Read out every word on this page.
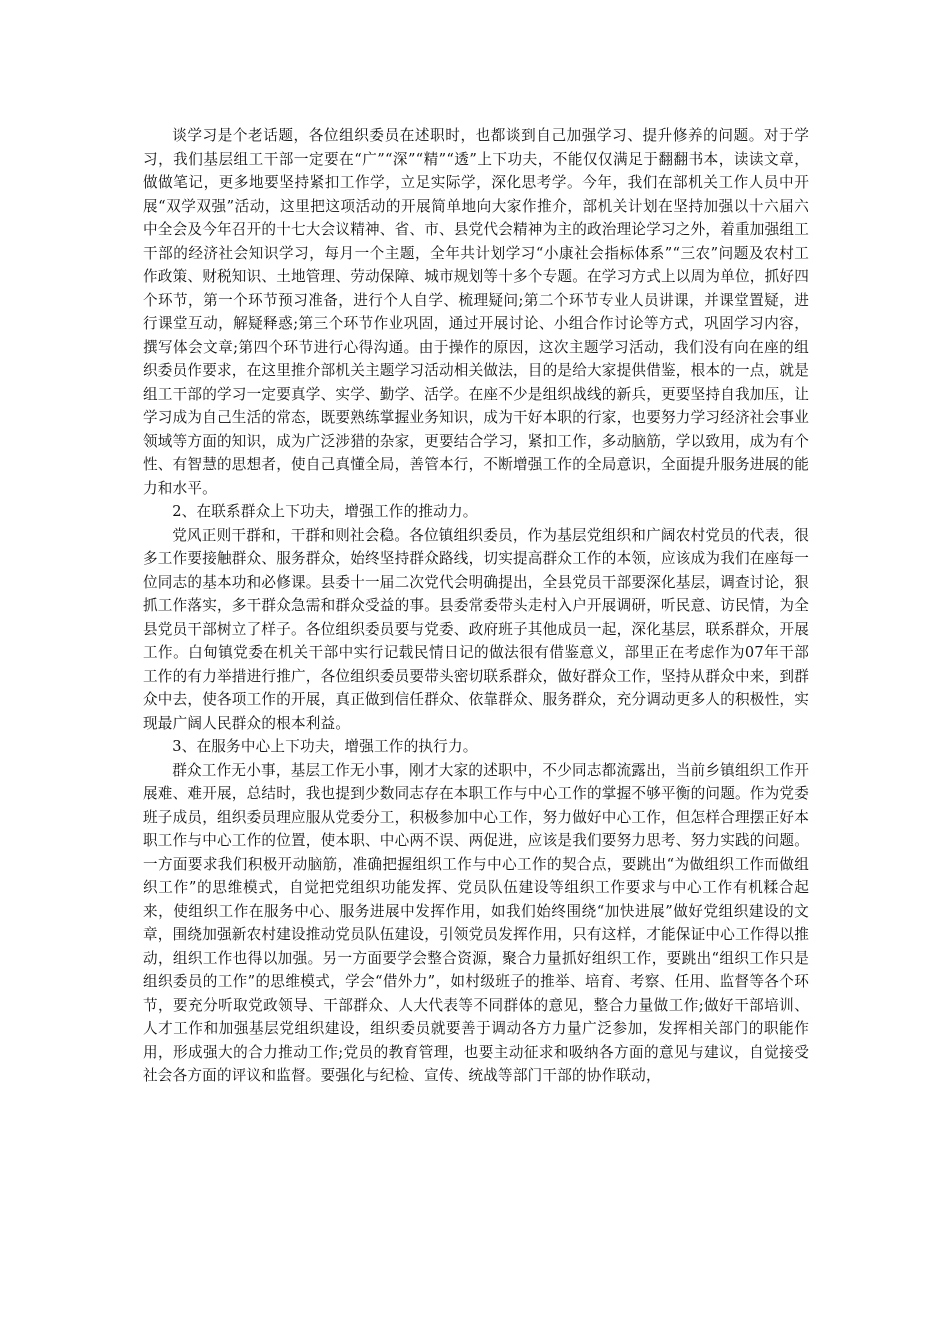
谈学习是个老话题，各位组织委员在述职时，也都谈到自己加强学习、提升修养的问题。对于学习，我们基层组工干部一定要在“广”“深”“精”“透”上下功夫，不能仅仅满足于翻翻书本，读读文章，做做笔记，更多地要坚持紧扣工作学，立足实际学，深化思考学。今年，我们在部机关工作人员中开展“双学双强”活动，这里把这项活动的开展简单地向大家作推介，部机关计划在坚持加强以十六届六中全会及今年召开的十七大会议精神、省、市、县党代会精神为主的政治理论学习之外，着重加强组工干部的经济社会知识学习，每月一个主题，全年共计划学习“小康社会指标体系”“三农”问题及农村工作政策、财税知识、土地管理、劳动保障、城市规划等十多个专题。在学习方式上以周为单位，抓好四个环节，第一个环节预习准备，进行个人自学、梳理疑问;第二个环节专业人员讲课，并课堂置疑，进行课堂互动，解疑释惑;第三个环节作业巩固，通过开展讨论、小组合作讨论等方式，巩固学习内容，撰写体会文章;第四个环节进行心得沟通。由于操作的原因，这次主题学习活动，我们没有向在座的组织委员作要求，在这里推介部机关主题学习活动相关做法，目的是给大家提供借鉴，根本的一点，就是组工干部的学习一定要真学、实学、勤学、活学。在座不少是组织战线的新兵，更要坚持自我加压，让学习成为自己生活的常态，既要熟练掌握业务知识，成为干好本职的行家，也要努力学习经济社会事业领域等方面的知识，成为广泛涉猎的杂家，更要结合学习，紧扣工作，多动脑筋，学以致用，成为有个性、有智慧的思想者，使自己真懂全局，善管本行，不断增强工作的全局意识，全面提升服务进展的能力和水平。

2、在联系群众上下功夫，增强工作的推动力。

党风正则干群和，干群和则社会稳。各位镇组织委员，作为基层党组织和广阔农村党员的代表，很多工作要接触群众、服务群众，始终坚持群众路线，切实提高群众工作的本领，应该成为我们在座每一位同志的基本功和必修课。县委十一届二次党代会明确提出，全县党员干部要深化基层，调查讨论，狠抓工作落实，多干群众急需和群众受益的事。县委常委带头走村入户开展调研，听民意、访民情，为全县党员干部树立了样子。各位组织委员要与党委、政府班子其他成员一起，深化基层，联系群众，开展工作。白甸镇党委在机关干部中实行记载民情日记的做法很有借鉴意义，部里正在考虑作为07年干部工作的有力举措进行推广，各位组织委员要带头密切联系群众，做好群众工作，坚持从群众中来，到群众中去，使各项工作的开展，真正做到信任群众、依靠群众、服务群众，充分调动更多人的积极性，实现最广阔人民群众的根本利益。

3、在服务中心上下功夫，增强工作的执行力。

群众工作无小事，基层工作无小事，刚才大家的述职中，不少同志都流露出，当前乡镇组织工作开展难、难开展，总结时，我也提到少数同志存在本职工作与中心工作的掌握不够平衡的问题。作为党委班子成员，组织委员理应服从党委分工，积极参加中心工作，努力做好中心工作，但怎样合理摆正好本职工作与中心工作的位置，使本职、中心两不误、两促进，应该是我们要努力思考、努力实践的问题。一方面要求我们积极开动脑筋，准确把握组织工作与中心工作的契合点，要跳出“为做组织工作而做组织工作”的思维模式，自觉把党组织功能发挥、党员队伍建设等组织工作要求与中心工作有机糅合起来，使组织工作在服务中心、服务进展中发挥作用，如我们始终围绕“加快进展”做好党组织建设的文章，围绕加强新农村建设推动党员队伍建设，引领党员发挥作用，只有这样，才能保证中心工作得以推动，组织工作也得以加强。另一方面要学会整合资源，聚合力量抓好组织工作，要跳出“组织工作只是组织委员的工作”的思维模式，学会“借外力”，如村级班子的推举、培育、考察、任用、监督等各个环节，要充分听取党政领导、干部群众、人大代表等不同群体的意见，整合力量做工作;做好干部培训、人才工作和加强基层党组织建设，组织委员就要善于调动各方力量广泛参加，发挥相关部门的职能作用，形成强大的合力推动工作;党员的教育管理，也要主动征求和吸纳各方面的意见与建议，自觉接受社会各方面的评议和监督。要强化与纪检、宣传、统战等部门干部的协作联动，
